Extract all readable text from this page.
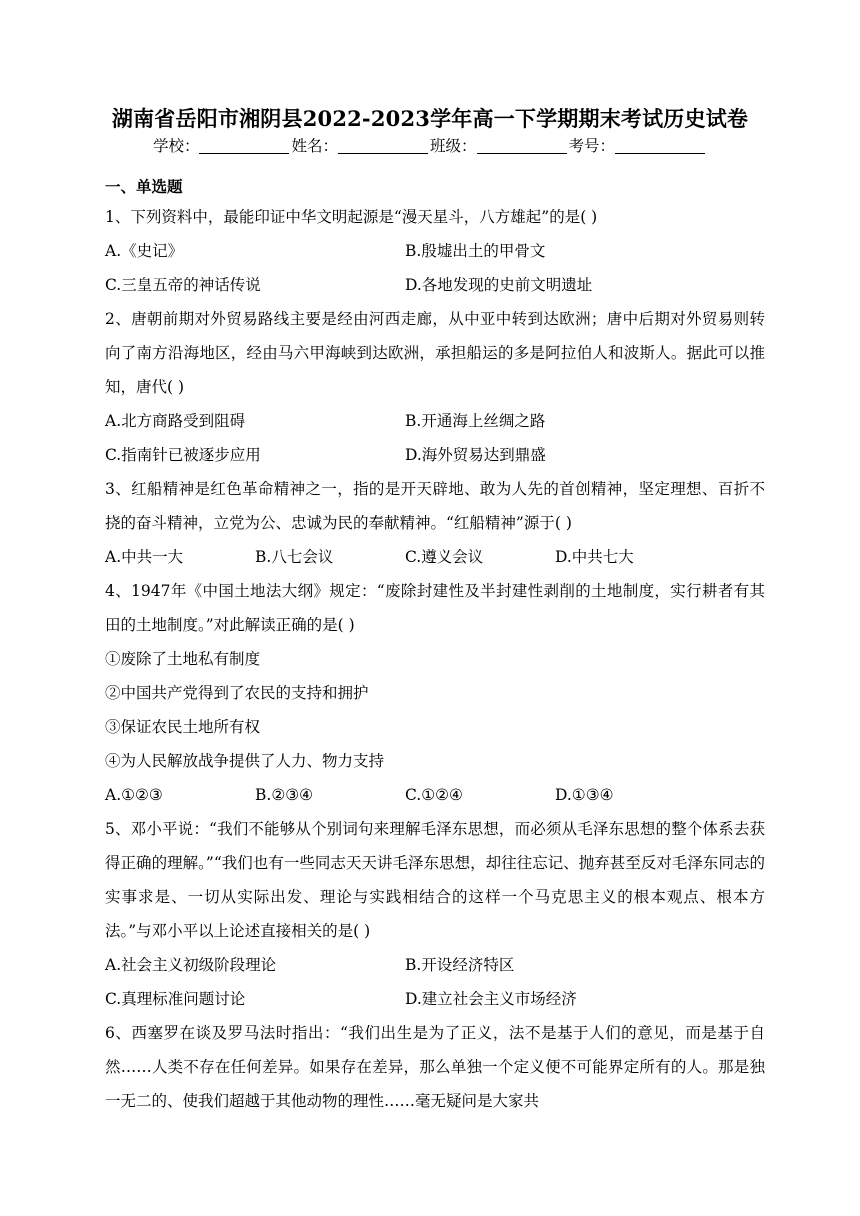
湖南省岳阳市湘阴县2022-2023学年高一下学期期末考试历史试卷
学校：	姓名：	班级：	考号：
一、单选题

1、下列资料中，最能印证中华文明起源是“漫天星斗，八方雄起”的是( )

A.《史记》	B.殷墟出土的甲骨文
C.三皇五帝的神话传说	D.各地发现的史前文明遗址

2、唐朝前期对外贸易路线主要是经由河西走廊，从中亚中转到达欧洲；唐中后期对外贸易则转向了南方沿海地区，经由马六甲海峡到达欧洲，承担船运的多是阿拉伯人和波斯人。据此可以推知，唐代( )

A.北方商路受到阻碍	B.开通海上丝绸之路
C.指南针已被逐步应用	D.海外贸易达到鼎盛

3、红船精神是红色革命精神之一，指的是开天辟地、敢为人先的首创精神，坚定理想、百折不挠的奋斗精神，立党为公、忠诚为民的奉献精神。“红船精神”源于( )

A.中共一大	B.八七会议	C.遵义会议	D.中共七大

4、1947年《中国土地法大纲》规定：“废除封建性及半封建性剥削的土地制度，实行耕者有其田的土地制度。”对此解读正确的是( )

①废除了土地私有制度

②中国共产党得到了农民的支持和拥护

③保证农民土地所有权

④为人民解放战争提供了人力、物力支持

A.①②③	B.②③④	C.①②④	D.①③④

5、邓小平说：“我们不能够从个别词句来理解毛泽东思想，而必须从毛泽东思想的整个体系去获得正确的理解。”“我们也有一些同志天天讲毛泽东思想，却往往忘记、抛弃甚至反对毛泽东同志的实事求是、一切从实际出发、理论与实践相结合的这样一个马克思主义的根本观点、根本方法。”与邓小平以上论述直接相关的是( )

A.社会主义初级阶段理论	B.开设经济特区
C.真理标准问题讨论	D.建立社会主义市场经济

6、西塞罗在谈及罗马法时指出：“我们出生是为了正义，法不是基于人们的意见，而是基于自然……人类不存在任何差异。如果存在差异，那么单独一个定义便不可能界定所有的人。那是独一无二的、使我们超越于其他动物的理性……毫无疑问是大家共
